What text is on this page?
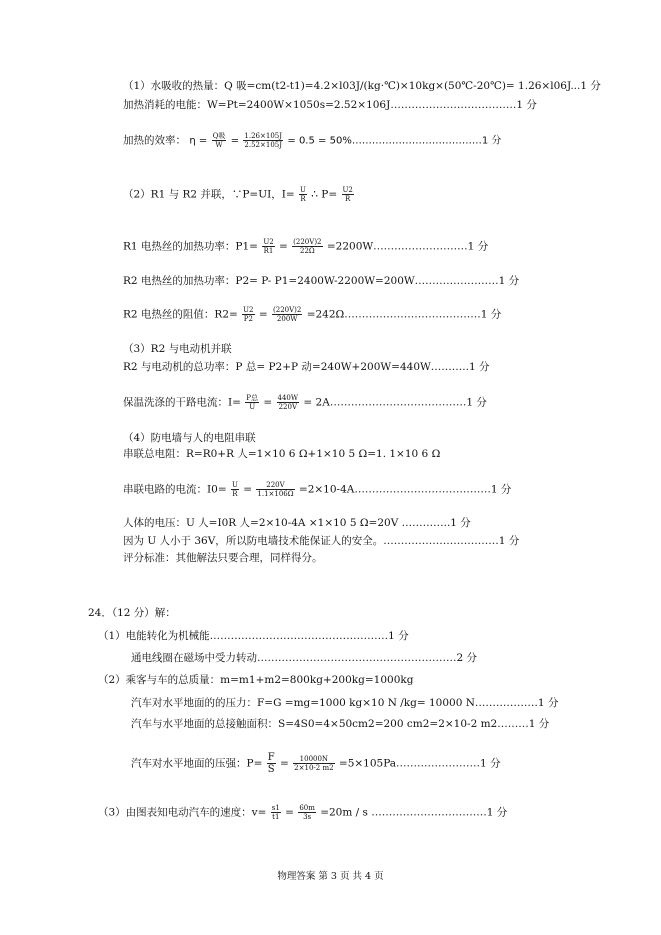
（1）水吸收的热量：Q 吸=cm(t2-t1)=4.2×l03J/(kg·℃)×10kg×(50℃-20℃)= 1.26×l06J...1 分
加热消耗的电能：W=Pt=2400W×1050s=2.52×106J………………………………1 分
加热的效率： $\eta = \frac{\text{Q吸}}{W} = \frac{1.26\times 105J}{2.52\times 105J} = 0.5$ = 50%…………………………………1 分
（2）R1 与 R2 并联，∵P=UI，$I= \frac{U}{R}$ ∴ $P= \frac{U2}{R}$
R1 电热丝的加热功率：$P1= \frac{U2}{R1} = \frac{(220V)2}{22\Omega}$ =2200W………………………1 分
R2 电热丝的加热功率：P2= P- P1=2400W-2200W=200W……………………1 分
R2 电热丝的阻值：$R2= \frac{U2}{P2} = \frac{(220V)2}{200W}$ =242Ω…………………………………1 分
（3）R2 与电动机并联
R2 与电动机的总功率：P 总= P2+P 动=240W+200W=440W………..1 分
保温洗涤的干路电流：$I= \frac{\text{P总}}{U} = \frac{440W}{220V}$ = 2A…………………………………1 分
（4）防电墙与人的电阻串联
串联总电阻：R=R0+R 人=1×10 6 Ω+1×10 5 Ω=1. 1×10 6 Ω
串联电路的电流：$I0= \frac{U}{R} = \frac{220V}{1.1\times 106\Omega}$ =2×10-4A…………………………………1 分
人体的电压：U 人=I0R 人=2×10-4A ×1×10 5 Ω=20V …………..1 分
因为 U 人小于 36V，所以防电墙技术能保证人的安全。……………………………1 分
评分标准：其他解法只要合理，同样得分。
24．（12 分）解：
（1）电能转化为机械能……………………………………………1 分
通电线圈在磁场中受力转动…………………………………………………2 分
（2）乘客与车的总质量：m=m1+m2=800kg+200kg=1000kg
汽车对水平地面的的压力：F=G =mg=1000 kg×10 N /kg= 10000 N………………1 分
汽车与水平地面的总接触面积：S=4S0=4×50cm2=200 cm2=2×10-2 m2………1 分
汽车对水平地面的压强：$P= \frac{F}{S} = \frac{10000N}{2\times 10-2 m2}$ =5×105Pa……………………1 分
（3）由图表知电动汽车的速度：$v= \frac{s1}{t1} = \frac{60m}{3s} =20m / s$ ……………………………1 分
物理答案 第 3 页 共 4 页
